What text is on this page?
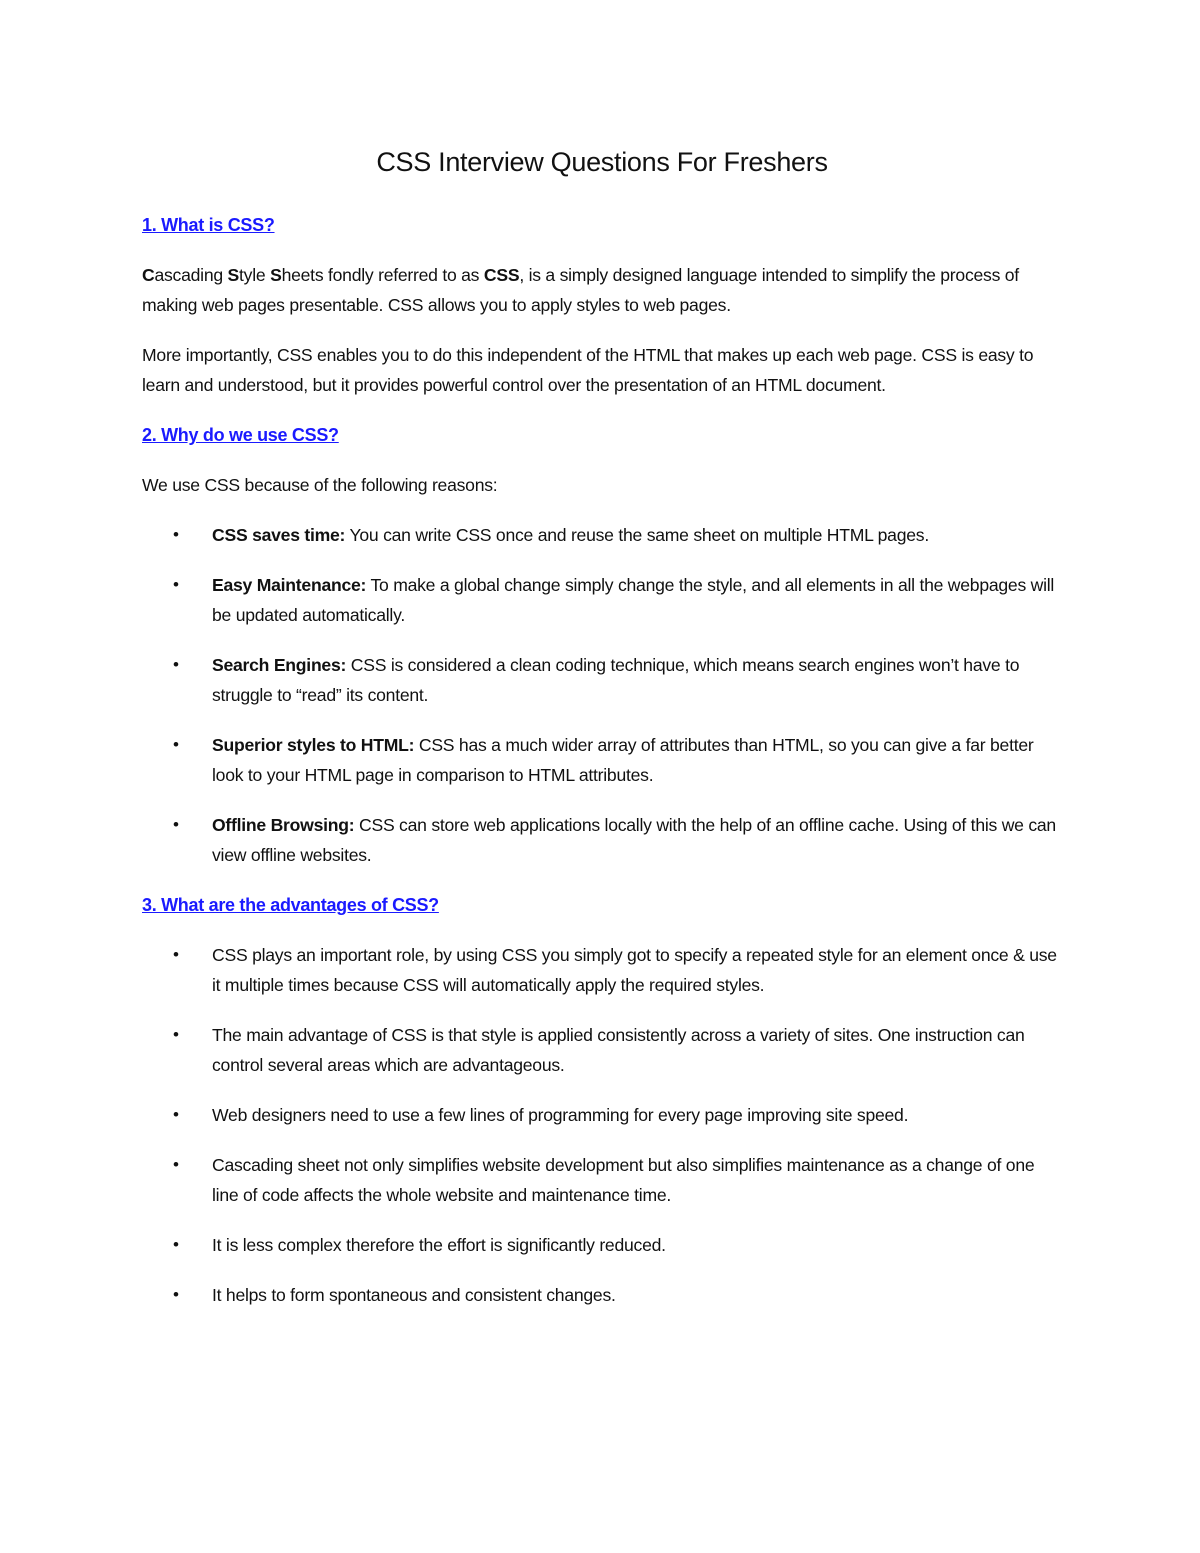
CSS Interview Questions For Freshers
1. What is CSS?

Cascading Style Sheets fondly referred to as CSS, is a simply designed language intended to simplify the process of making web pages presentable. CSS allows you to apply styles to web pages.

More importantly, CSS enables you to do this independent of the HTML that makes up each web page. CSS is easy to learn and understood, but it provides powerful control over the presentation of an HTML document.

2. Why do we use CSS?

We use CSS because of the following reasons:

• CSS saves time: You can write CSS once and reuse the same sheet on multiple HTML pages.
• Easy Maintenance: To make a global change simply change the style, and all elements in all the webpages will be updated automatically.
• Search Engines: CSS is considered a clean coding technique, which means search engines won’t have to struggle to “read” its content.
• Superior styles to HTML: CSS has a much wider array of attributes than HTML, so you can give a far better look to your HTML page in comparison to HTML attributes.
• Offline Browsing: CSS can store web applications locally with the help of an offline cache. Using of this we can view offline websites.
3. What are the advantages of CSS?
• CSS plays an important role, by using CSS you simply got to specify a repeated style for an element once & use it multiple times because CSS will automatically apply the required styles.
• The main advantage of CSS is that style is applied consistently across a variety of sites. One instruction can control several areas which are advantageous.
• Web designers need to use a few lines of programming for every page improving site speed.
• Cascading sheet not only simplifies website development but also simplifies maintenance as a change of one line of code affects the whole website and maintenance time.
• It is less complex therefore the effort is significantly reduced.
• It helps to form spontaneous and consistent changes.
